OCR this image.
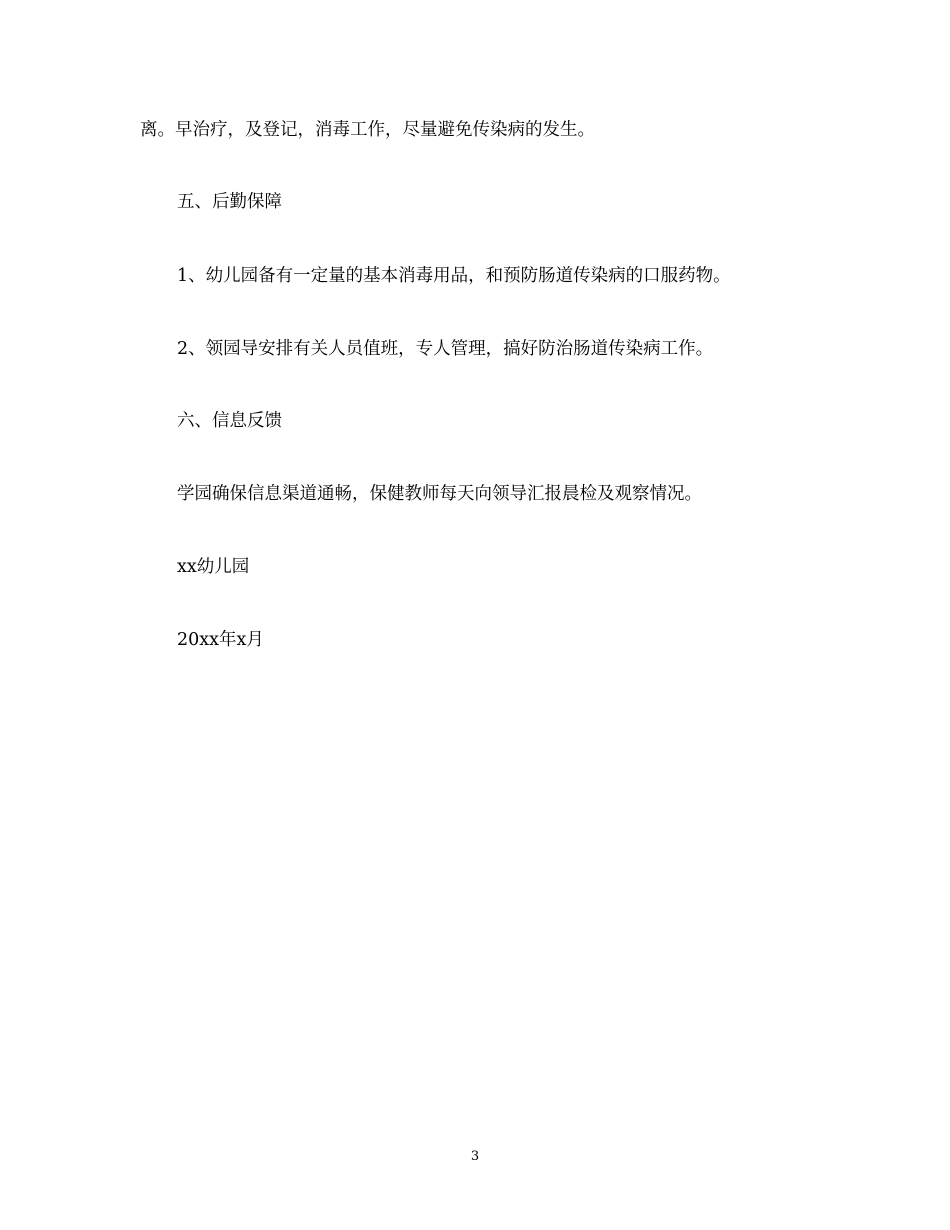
离。早治疗，及登记，消毒工作，尽量避免传染病的发生。

五、后勤保障

1、幼儿园备有一定量的基本消毒用品，和预防肠道传染病的口服药物。

2、领园导安排有关人员值班，专人管理，搞好防治肠道传染病工作。

六、信息反馈

学园确保信息渠道通畅，保健教师每天向领导汇报晨检及观察情况。

xx幼儿园

20xx年x月

3
